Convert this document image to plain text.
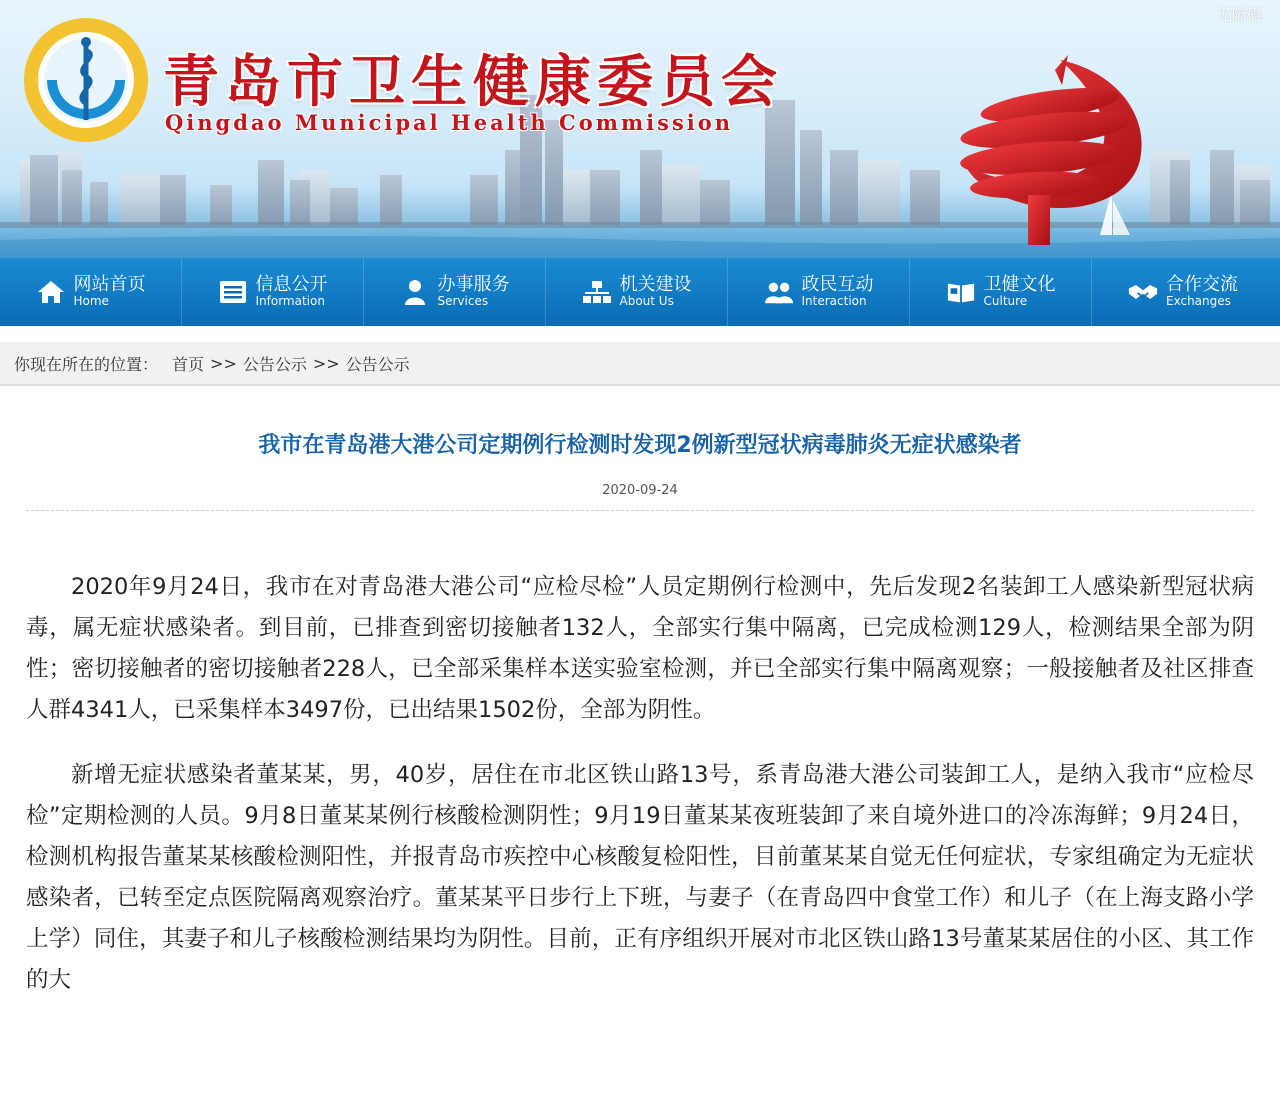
无障碍
青岛市卫生健康委员会
Qingdao Municipal Health Commission
网站首页
Home
信息公开
Information
办事服务
Services
机关建设
About Us
政民互动
Interaction
卫健文化
Culture
合作交流
Exchanges
你现在所在的位置： 首页 >> 公告公示 >> 公告公示
我市在青岛港大港公司定期例行检测时发现2例新型冠状病毒肺炎无症状感染者
2020-09-24

2020年9月24日，我市在对青岛港大港公司“应检尽检”人员定期例行检测中，先后发现2名装卸工人感染新型冠状病毒，属无症状感染者。到目前，已排查到密切接触者132人，全部实行集中隔离，已完成检测129人，检测结果全部为阴性；密切接触者的密切接触者228人，已全部采集样本送实验室检测，并已全部实行集中隔离观察；一般接触者及社区排查人群4341人，已采集样本3497份，已出结果1502份，全部为阴性。

新增无症状感染者董某某，男，40岁，居住在市北区铁山路13号，系青岛港大港公司装卸工人，是纳入我市“应检尽检”定期检测的人员。9月8日董某某例行核酸检测阴性；9月19日董某某夜班装卸了来自境外进口的冷冻海鲜；9月24日，检测机构报告董某某核酸检测阳性，并报青岛市疾控中心核酸复检阳性，目前董某某自觉无任何症状，专家组确定为无症状感染者，已转至定点医院隔离观察治疗。董某某平日步行上下班，与妻子（在青岛四中食堂工作）和儿子（在上海支路小学上学）同住，其妻子和儿子核酸检测结果均为阴性。目前，正有序组织开展对市北区铁山路13号董某某居住的小区、其工作的大
